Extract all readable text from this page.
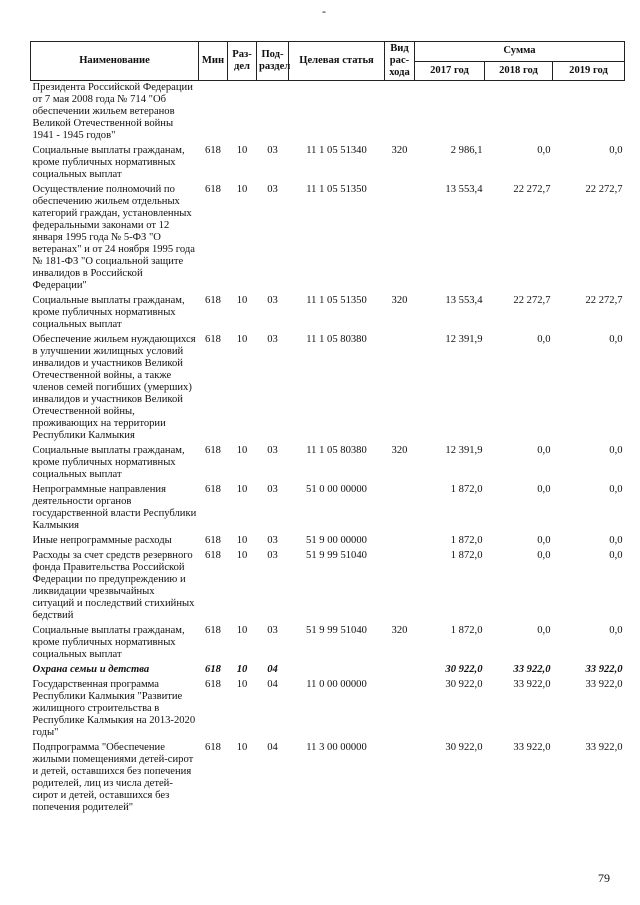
-
Наименование	Мин	Раз-дел	Под-раздел	Целевая статья	Вид рас-хода	Сумма		
						2017 год	2018 год	2019 год
Президента Российской Федерации от 7 мая 2008 года № 714 "Об обеспечении жильем ветеранов Великой Отечественной войны 1941 - 1945 годов"								
Социальные выплаты гражданам, кроме публичных нормативных социальных выплат	618	10	03	11 1 05 51340	320	2 986,1	0,0	0,0
Осуществление полномочий по обеспечению жильем отдельных категорий граждан, установленных федеральными законами от 12 января 1995 года № 5-ФЗ "О ветеранах" и от 24 ноября 1995 года № 181-ФЗ "О социальной защите инвалидов в Российской Федерации"	618	10	03	11 1 05 51350		13 553,4	22 272,7	22 272,7
Социальные выплаты гражданам, кроме публичных нормативных социальных выплат	618	10	03	11 1 05 51350	320	13 553,4	22 272,7	22 272,7
Обеспечение жильем нуждающихся в улучшении жилищных условий инвалидов и участников Великой Отечественной войны, а также членов семей погибших (умерших) инвалидов и участников Великой Отечественной войны, проживающих на территории Республики Калмыкия	618	10	03	11 1 05 80380		12 391,9	0,0	0,0
Социальные выплаты гражданам, кроме публичных нормативных социальных выплат	618	10	03	11 1 05 80380	320	12 391,9	0,0	0,0
Непрограммные направления деятельности органов государственной власти Республики Калмыкия	618	10	03	51 0 00 00000		1 872,0	0,0	0,0
Иные непрограммные расходы	618	10	03	51 9 00 00000		1 872,0	0,0	0,0
Расходы за счет средств резервного фонда Правительства Российской Федерации по предупреждению и ликвидации чрезвычайных ситуаций и последствий стихийных бедствий	618	10	03	51 9 99 51040		1 872,0	0,0	0,0
Социальные выплаты гражданам, кроме публичных нормативных социальных выплат	618	10	03	51 9 99 51040	320	1 872,0	0,0	0,0
Охрана семьи и детства	618	10	04			30 922,0	33 922,0	33 922,0
Государственная программа Республики Калмыкия "Развитие жилищного строительства в Республике Калмыкия на 2013-2020 годы"	618	10	04	11 0 00 00000		30 922,0	33 922,0	33 922,0
Подпрограмма "Обеспечение жилыми помещениями детей-сирот и детей, оставшихся без попечения родителей, лиц из числа детей-сирот и детей, оставшихся без попечения родителей"	618	10	04	11 3 00 00000		30 922,0	33 922,0	33 922,0
79
